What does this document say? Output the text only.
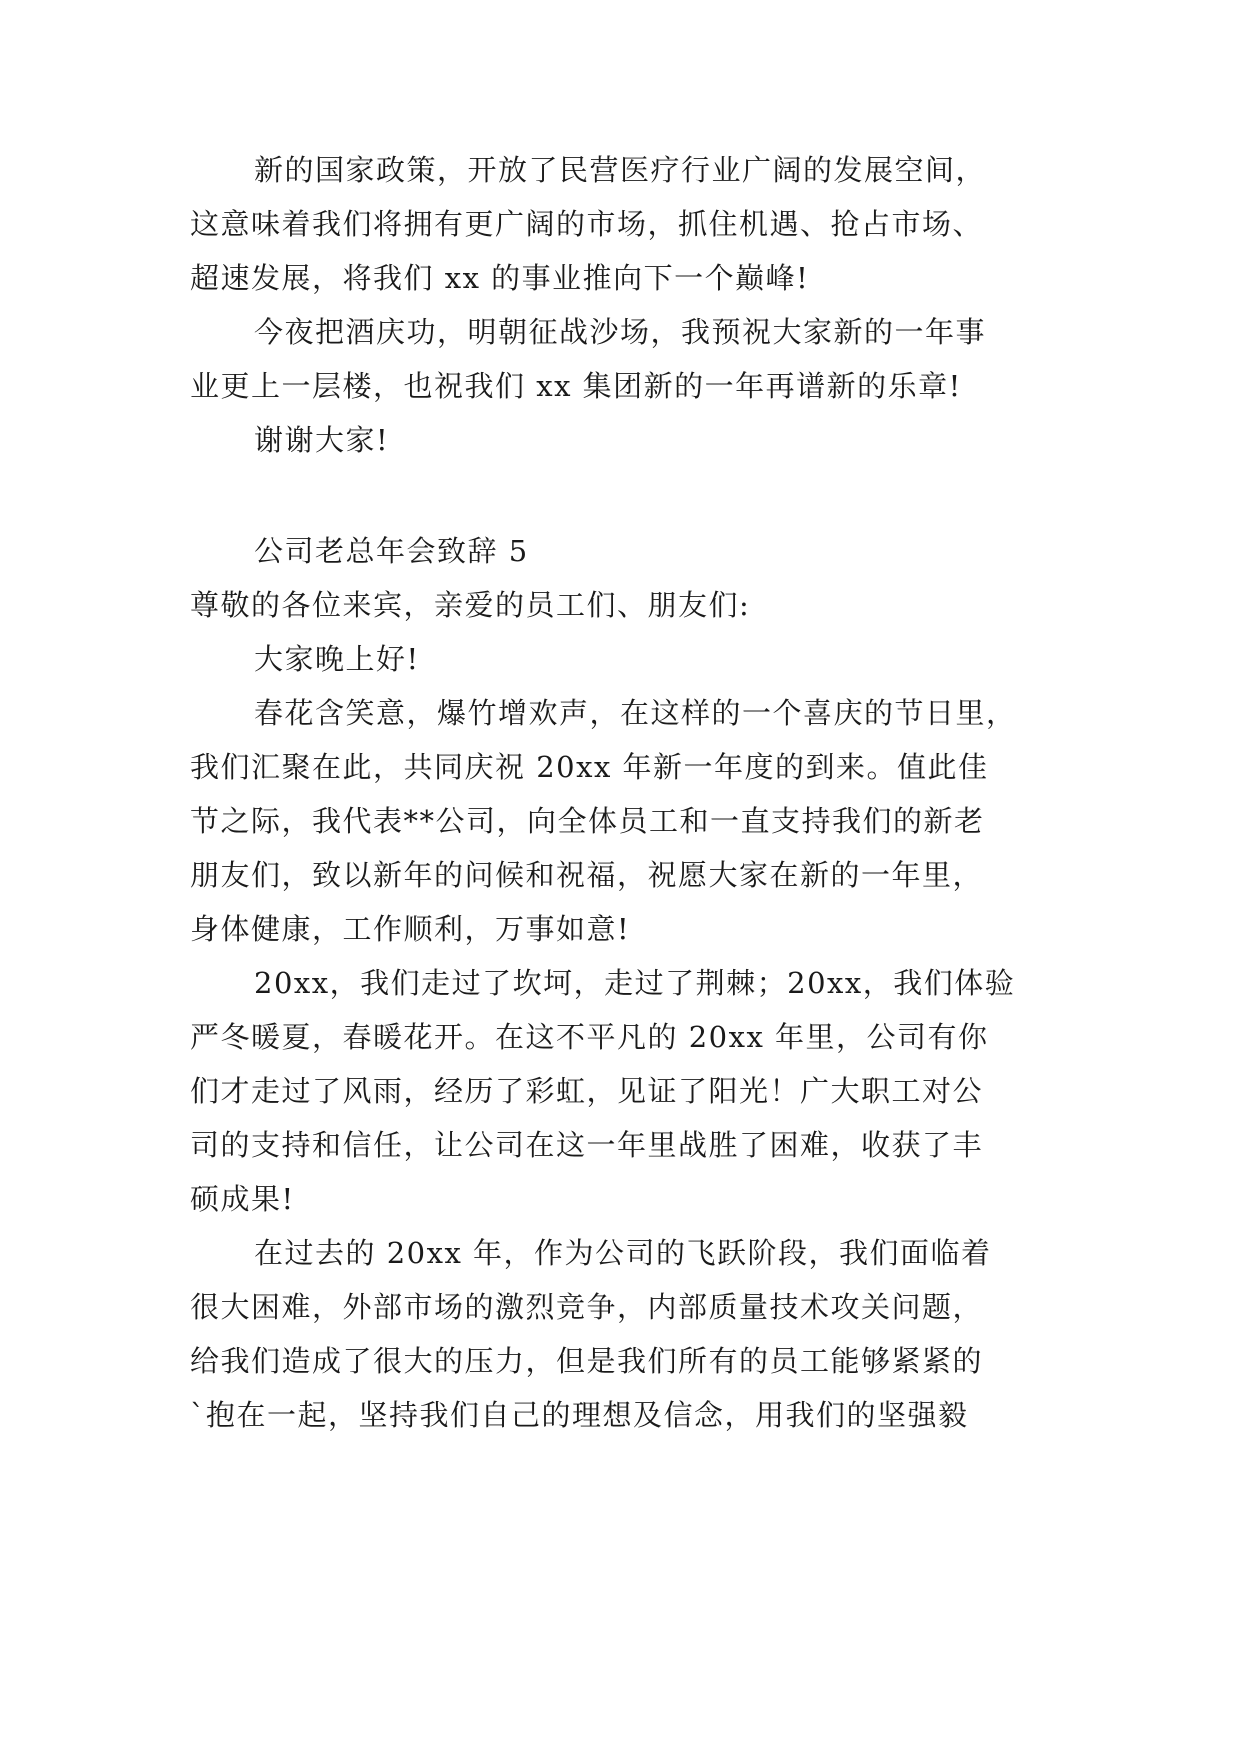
新的国家政策，开放了民营医疗行业广阔的发展空间，
这意味着我们将拥有更广阔的市场，抓住机遇、抢占市场、
超速发展，将我们 xx 的事业推向下一个巅峰!
今夜把酒庆功，明朝征战沙场，我预祝大家新的一年事
业更上一层楼，也祝我们 xx 集团新的一年再谱新的乐章!
谢谢大家!
公司老总年会致辞 5
尊敬的各位来宾，亲爱的员工们、朋友们:
大家晚上好!
春花含笑意，爆竹增欢声，在这样的一个喜庆的节日里，
我们汇聚在此，共同庆祝 20xx 年新一年度的到来。值此佳
节之际，我代表**公司，向全体员工和一直支持我们的新老
朋友们，致以新年的问候和祝福，祝愿大家在新的一年里，
身体健康，工作顺利，万事如意!
20xx，我们走过了坎坷，走过了荆棘；20xx，我们体验
严冬暖夏，春暖花开。在这不平凡的 20xx 年里，公司有你
们才走过了风雨，经历了彩虹，见证了阳光！广大职工对公
司的支持和信任，让公司在这一年里战胜了困难，收获了丰
硕成果!
在过去的 20xx 年，作为公司的飞跃阶段，我们面临着
很大困难，外部市场的激烈竞争，内部质量技术攻关问题，
给我们造成了很大的压力，但是我们所有的员工能够紧紧的
`抱在一起，坚持我们自己的理想及信念，用我们的坚强毅
